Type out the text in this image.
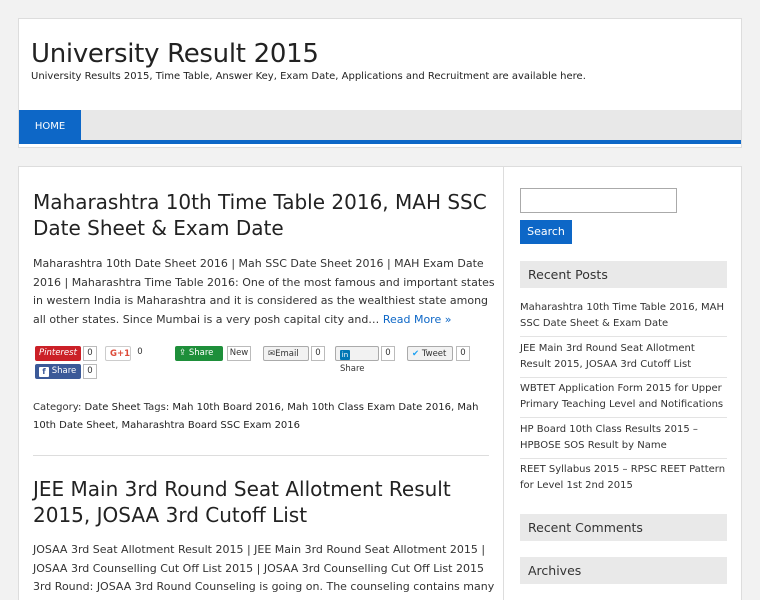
University Result 2015
University Results 2015, Time Table, Answer Key, Exam Date, Applications and Recruitment are available here.
HOME
Maharashtra 10th Time Table 2016, MAH SSC Date Sheet & Exam Date
Maharashtra 10th Date Sheet 2016 | Mah SSC Date Sheet 2016 | MAH Exam Date 2016 | Maharashtra Time Table 2016: One of the most famous and important states in western India is Maharashtra and it is considered as the wealthiest state among all other states. Since Mumbai is a very posh capital city and… Read More »
Pinterest	0	G+1 0	⇪ Share	New	✉Email	0	in Share
0	✔ Tweet	0
f Share	0
Category: Date Sheet Tags: Mah 10th Board 2016, Mah 10th Class Exam Date 2016, Mah 10th Date Sheet, Maharashtra Board SSC Exam 2016
JEE Main 3rd Round Seat Allotment Result 2015, JOSAA 3rd Cutoff List
JOSAA 3rd Seat Allotment Result 2015 | JEE Main 3rd Round Seat Allotment 2015 | JOSAA 3rd Counselling Cut Off List 2015 | JOSAA 3rd Counselling Cut Off List 2015 3rd Round: JOSAA 3rd Round Counseling is going on. The counseling contains many
Search
Recent Posts
Maharashtra 10th Time Table 2016, MAH SSC Date Sheet & Exam Date
JEE Main 3rd Round Seat Allotment Result 2015, JOSAA 3rd Cutoff List
WBTET Application Form 2015 for Upper Primary Teaching Level and Notifications
HP Board 10th Class Results 2015 – HPBOSE SOS Result by Name
REET Syllabus 2015 – RPSC REET Pattern for Level 1st 2nd 2015
Recent Comments
Archives
